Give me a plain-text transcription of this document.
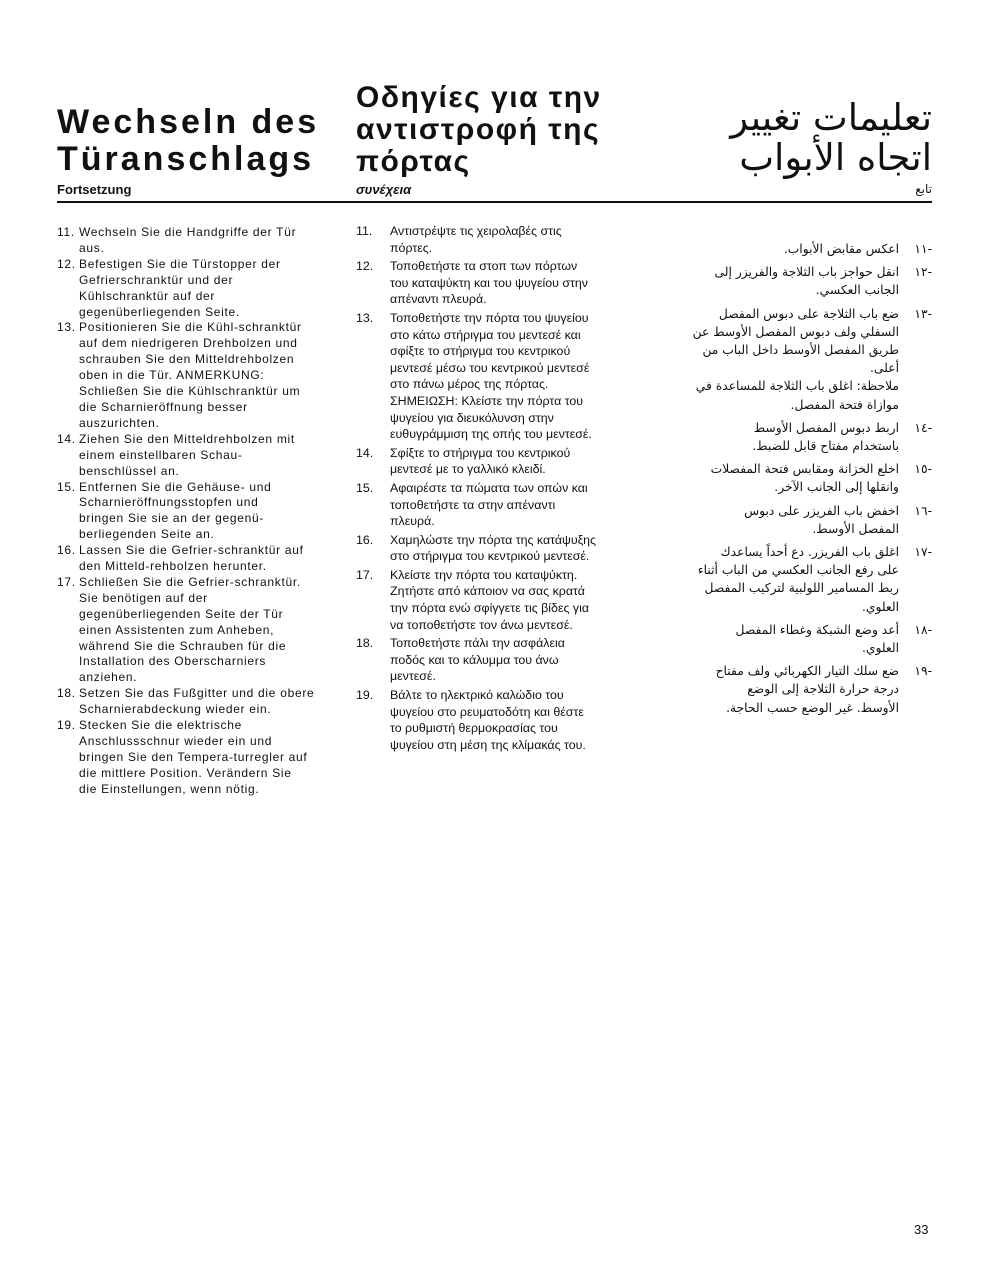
Wechseln des
Türanschlags
Fortsetzung
11. Wechseln Sie die Handgriffe der Tür
aus.
12. Befestigen Sie die Türstopper der
Gefrierschranktür und der
Kühlschranktür auf der
gegenüberliegenden Seite.
13. Positionieren Sie die Kühl-schranktür
auf dem niedrigeren Drehbolzen und
schrauben Sie den Mitteldrehbolzen
oben in die Tür. ANMERKUNG:
Schließen Sie die Kühlschranktür um
die Scharnieröffnung besser
auszurichten.
14. Ziehen Sie den Mitteldrehbolzen mit
einem einstellbaren Schau-
benschlüssel an.
15. Entfernen Sie die Gehäuse- und
Scharnieröffnungsstopfen und
bringen Sie sie an der gegenü-
berliegenden Seite an.
16. Lassen Sie die Gefrier-schranktür auf
den Mitteld-rehbolzen herunter.
17. Schließen Sie die Gefrier-schranktür.
Sie benötigen auf der
gegenüberliegenden Seite der Tür
einen Assistenten zum Anheben,
während Sie die Schrauben für die
Installation des Oberscharniers
anziehen.
18. Setzen Sie das Fußgitter und die obere
Scharnierabdeckung wieder ein.
19. Stecken Sie die elektrische
Anschlussschnur wieder ein und
bringen Sie den Tempera-turregler auf
die mittlere Position. Verändern Sie
die Einstellungen, wenn nötig.
Οδηγίες για την
αντιστροφή της
πόρτας
συνέχεια
11.	Αντιστρέψτε τις χειρολαβές στις
πόρτες.
12.	Τοποθετήστε τα στοπ των πόρτων
του καταψύκτη και του ψυγείου στην
απέναντι πλευρά.
13.	Τοποθετήστε την πόρτα του ψυγείου
στο κάτω στήριγμα του μεντεσέ και
σφίξτε το στήριγμα του κεντρικού
μεντεσέ μέσω του κεντρικού μεντεσέ
στο πάνω μέρος της πόρτας.
ΣΗΜΕΙΩΣΗ: Κλείστε την πόρτα του
ψυγείου για διευκόλυνση στην
ευθυγράμμιση της οπής του μεντεσέ.
14.	Σφίξτε το στήριγμα του κεντρικού
μεντεσέ με το γαλλικό κλειδί.
15.	Αφαιρέστε τα πώματα των οπών και
τοποθετήστε τα στην απέναντι
πλευρά.
16.	Χαμηλώστε την πόρτα της κατάψυξης
στο στήριγμα του κεντρικού μεντεσέ.
17.	Κλείστε την πόρτα του καταψύκτη.
Ζητήστε από κάποιον να σας κρατά
την πόρτα ενώ σφίγγετε τις βίδες για
να τοποθετήστε τον άνω μεντεσέ.
18.	Τοποθετήστε πάλι την ασφάλεια
ποδός και το κάλυμμα του άνω
μεντεσέ.
19.	Βάλτε το ηλεκτρικό καλώδιο του
ψυγείου στο ρευματοδότη και θέστε
το ρυθμιστή θερμοκρασίας του
ψυγείου στη μέση της κλίμακάς του.
تعليمات تغيير
اتجاه الأبواب
تابع
-١١
اعكس مقابض الأبواب.
-١٢
انقل حواجز باب الثلاجة والفريزر إلى
الجانب العكسي.
-١٣
ضع باب الثلاجة على دبوس المفصل
السفلي ولف دبوس المفصل الأوسط عن
طريق المفصل الأوسط داخل الباب من
أعلى.
ملاحظة: اغلق باب الثلاجة للمساعدة في
موازاة فتحة المفصل.
-١٤
اربط دبوس المفصل الأوسط
باستخدام مفتاح قابل للضبط.
-١٥
اخلع الخزانة ومقابس فتحة المفصلات
وانقلها إلى الجانب الآخر.
-١٦
اخفض باب الفريزر على دبوس
المفصل الأوسط.
-١٧
اغلق باب الفريزر. دع أحداً يساعدك
على رفع الجانب العكسي من الباب أثناء
ربط المسامير اللولبية لتركيب المفصل
العلوي.
-١٨
أعد وضع الشبكة وغطاء المفصل
العلوي.
-١٩
ضع سلك التيار الكهربائي ولف مفتاح
درجة حرارة الثلاجة إلى الوضع
الأوسط. غير الوضع حسب الحاجة.
33
